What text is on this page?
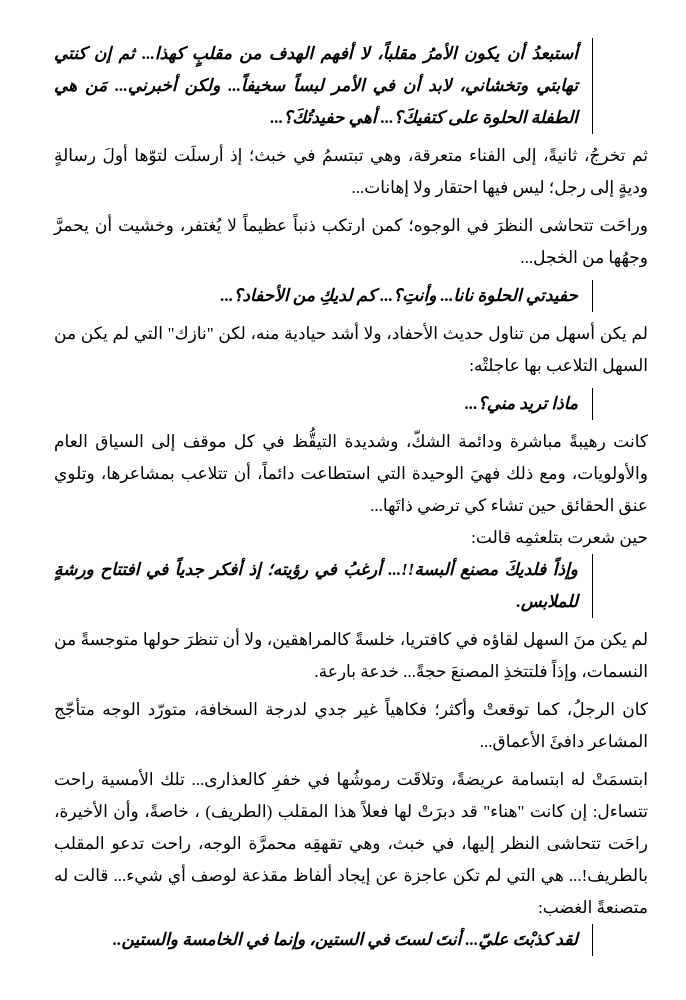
أستبعدُ أن يكون الأمرُ مقلباً، لا أفهم الهدف من مقلبٍ كهذا... ثم إن كنتي تهابتي وتخشاني، لابد أن في الأمر لبساً سخيفاً... ولكن أخبرني... مَن هي الطفلة الحلوة على كتفيكَ؟... أهي حفيدتُكَ؟...

ثم تخرجُ، ثانيةً، إلى الفناء متعرقة، وهي تبتسمُ في خبث؛ إذ أرسلَت لتوّها أولَ رسالةٍ وديةٍ إلى رجل؛ ليس فيها احتقار ولا إهانات...

وراحَت تتحاشى النظرَ في الوجوه؛ كمن ارتكب ذنباً عظيماً لا يُغتفر، وخشيت أن يحمرَّ وجهُها من الخجل...

حفيدتي الحلوة نانا... وأنتِ؟... كم لديكِ من الأحفاد؟...

لم يكن أسهل من تناول حديث الأحفاد، ولا أشد حيادية منه، لكن "نازك" التي لم يكن من السهل التلاعب بها عاجلتْه:

ماذا تريد مني؟...

كانت رهيبةً مباشرة ودائمة الشكّ، وشديدة التيقُّظ في كل موقف إلى السياق العام والأولويات، ومع ذلك فهيَ الوحيدة التي استطاعت دائماً، أن تتلاعب بمشاعرها، وتلوي عنق الحقائق حين تشاء كي ترضي ذاتَها...

حين شعرت بتلعثمِه قالت:

وإذاً فلديكَ مصنع ألبسة!!... أرغبُ في رؤيته؛ إذ أفكر جدياً في افتتاح ورشةٍ للملابس.

لم يكن منَ السهل لقاؤه في كافتريا، خلسةً كالمراهقين، ولا أن تنظرَ حولها متوجسةً من النسمات، وإذاً فلتتخذِ المصنعَ حجةً... خدعة بارعة.

كان الرجلُ، كما توقعتْ وأكثر؛ فكاهياً غير جدي لدرجة السخافة، متورّد الوجه متأجّج المشاعر دافئَ الأعماق...

ابتسمَتْ له ابتسامة عريضةً، وتلاقَت رموشُها في خفرِ كالعذارى... تلك الأمسية راحت تتساءل: إن كانت "هناء" قد دبرَتْ لها فعلاً هذا المقلب (الطريف) ، خاصةً، وأن الأخيرة، راحَت تتحاشى النظر إليها، في خبث، وهي تقهقِه محمرَّة الوجه، راحت تدعو المقلب بالطريف!... هي التي لم تكن عاجزة عن إيجاد ألفاظ مقذعة لوصف أي شيء... قالت له متصنعةً الغضب:

لقد كذبْتَ عليّ... أنتَ لستَ في الستين، وإنما في الخامسة والستين..
